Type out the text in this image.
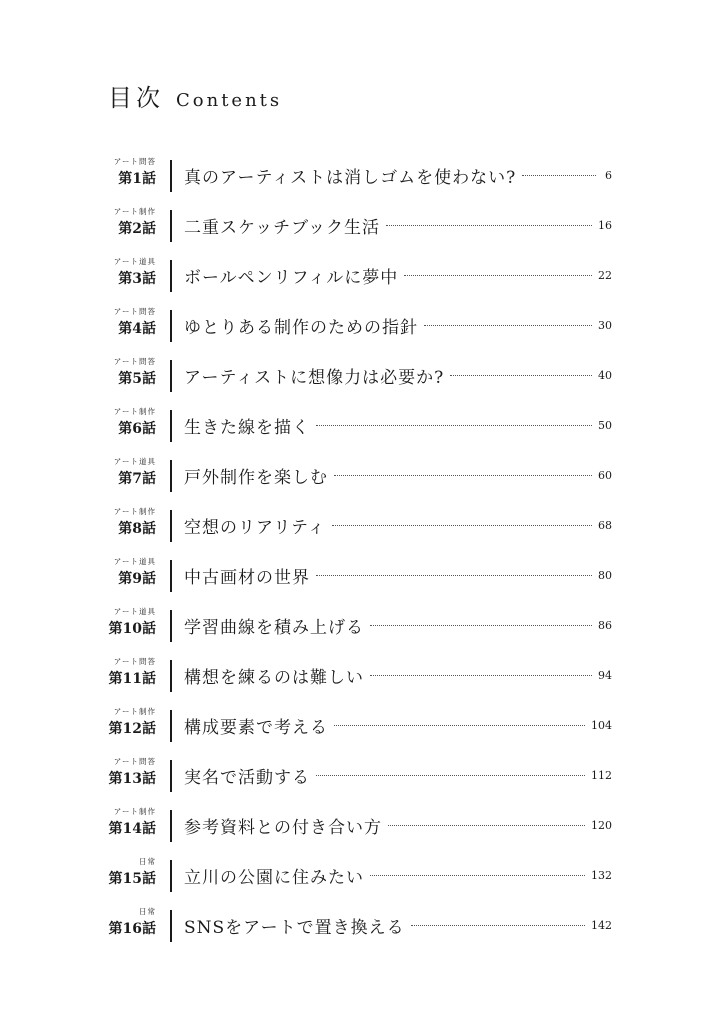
目次 Contents
アート問答
第1話 真のアーティストは消しゴムを使わない?	6
アート制作
第2話 二重スケッチブック生活	16
アート道具
第3話 ボールペンリフィルに夢中	22
アート問答
第4話 ゆとりある制作のための指針	30
アート問答
第5話 アーティストに想像力は必要か?	40
アート制作
第6話 生きた線を描く	50
アート道具
第7話 戸外制作を楽しむ	60
アート制作
第8話 空想のリアリティ	68
アート道具
第9話 中古画材の世界	80
アート道具
第10話 学習曲線を積み上げる	86
アート問答
第11話 構想を練るのは難しい	94
アート制作
第12話 構成要素で考える	104
アート問答
第13話 実名で活動する	112
アート制作
第14話 参考資料との付き合い方	120
日常
第15話 立川の公園に住みたい	132
日常
第16話 SNSをアートで置き換える	142
